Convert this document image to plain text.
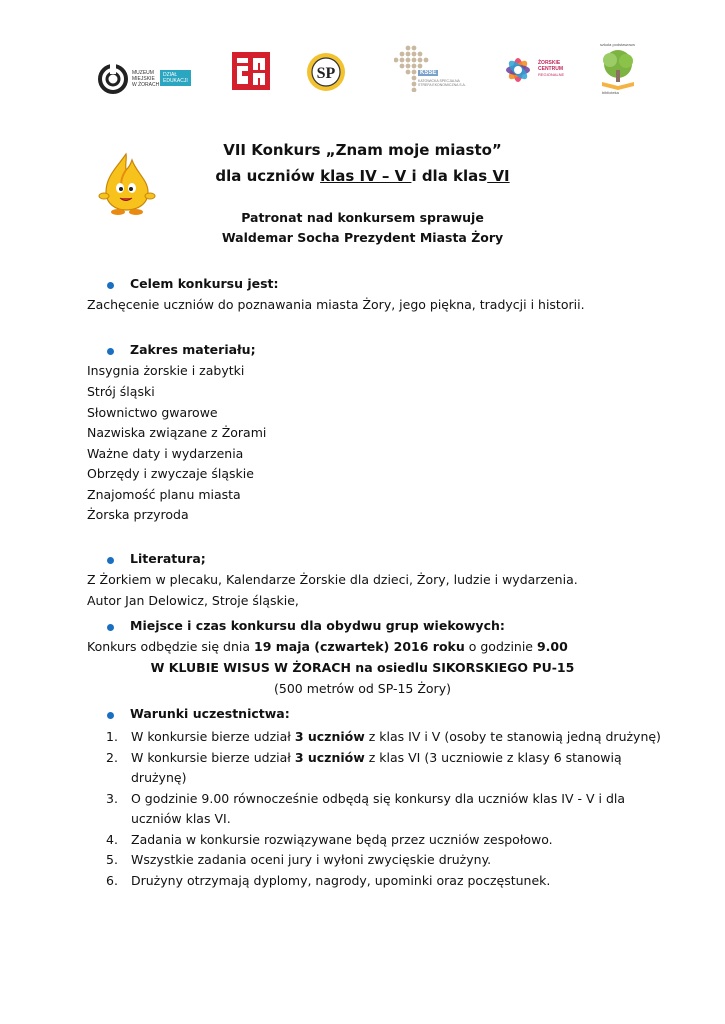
MUZEUM
MIEJSKIE
W ŻORACH
DZIAŁ
EDUKACJI	SP	KSSE
KATOWICKA SPECJALNA
STREFA EKONOMICZNA S.A.
ŻORSKIE
CENTRUM
REGIONALNE
szkoła podstawowa
biblioteka
VII Konkurs „Znam moje miasto”
dla uczniów klas IV – V i dla klas VI
Patronat nad konkursem sprawuje
Waldemar Socha Prezydent Miasta Żory
Celem konkursu jest:
Zachęcenie uczniów do poznawania miasta Żory, jego piękna, tradycji i historii.
Zakres materiału;
Insygnia żorskie i zabytki
Strój śląski
Słownictwo gwarowe
Nazwiska związane z Żorami
Ważne daty i wydarzenia
Obrzędy i zwyczaje śląskie
Znajomość planu miasta
Żorska przyroda
Literatura;
Z Żorkiem w plecaku, Kalendarze Żorskie dla dzieci, Żory, ludzie i wydarzenia.
Autor Jan Delowicz, Stroje śląskie,
Miejsce i czas konkursu dla obydwu grup wiekowych:
Konkurs odbędzie się dnia 19 maja (czwartek) 2016 roku o godzinie 9.00
W KLUBIE WISUS W ŻORACH na osiedlu SIKORSKIEGO PU-15
(500 metrów od SP-15 Żory)
Warunki uczestnictwa:
1. W konkursie bierze udział 3 uczniów z klas IV i V (osoby te stanowią jedną drużynę)
2. W konkursie bierze udział 3 uczniów z klas VI (3 uczniowie z klasy 6 stanowią drużynę)
3. O godzinie 9.00 równocześnie odbędą się konkursy dla uczniów klas IV - V i dla uczniów klas VI.
4. Zadania w konkursie rozwiązywane będą przez uczniów zespołowo.
5. Wszystkie zadania oceni jury i wyłoni zwycięskie drużyny.
6. Drużyny otrzymają dyplomy, nagrody, upominki oraz poczęstunek.
